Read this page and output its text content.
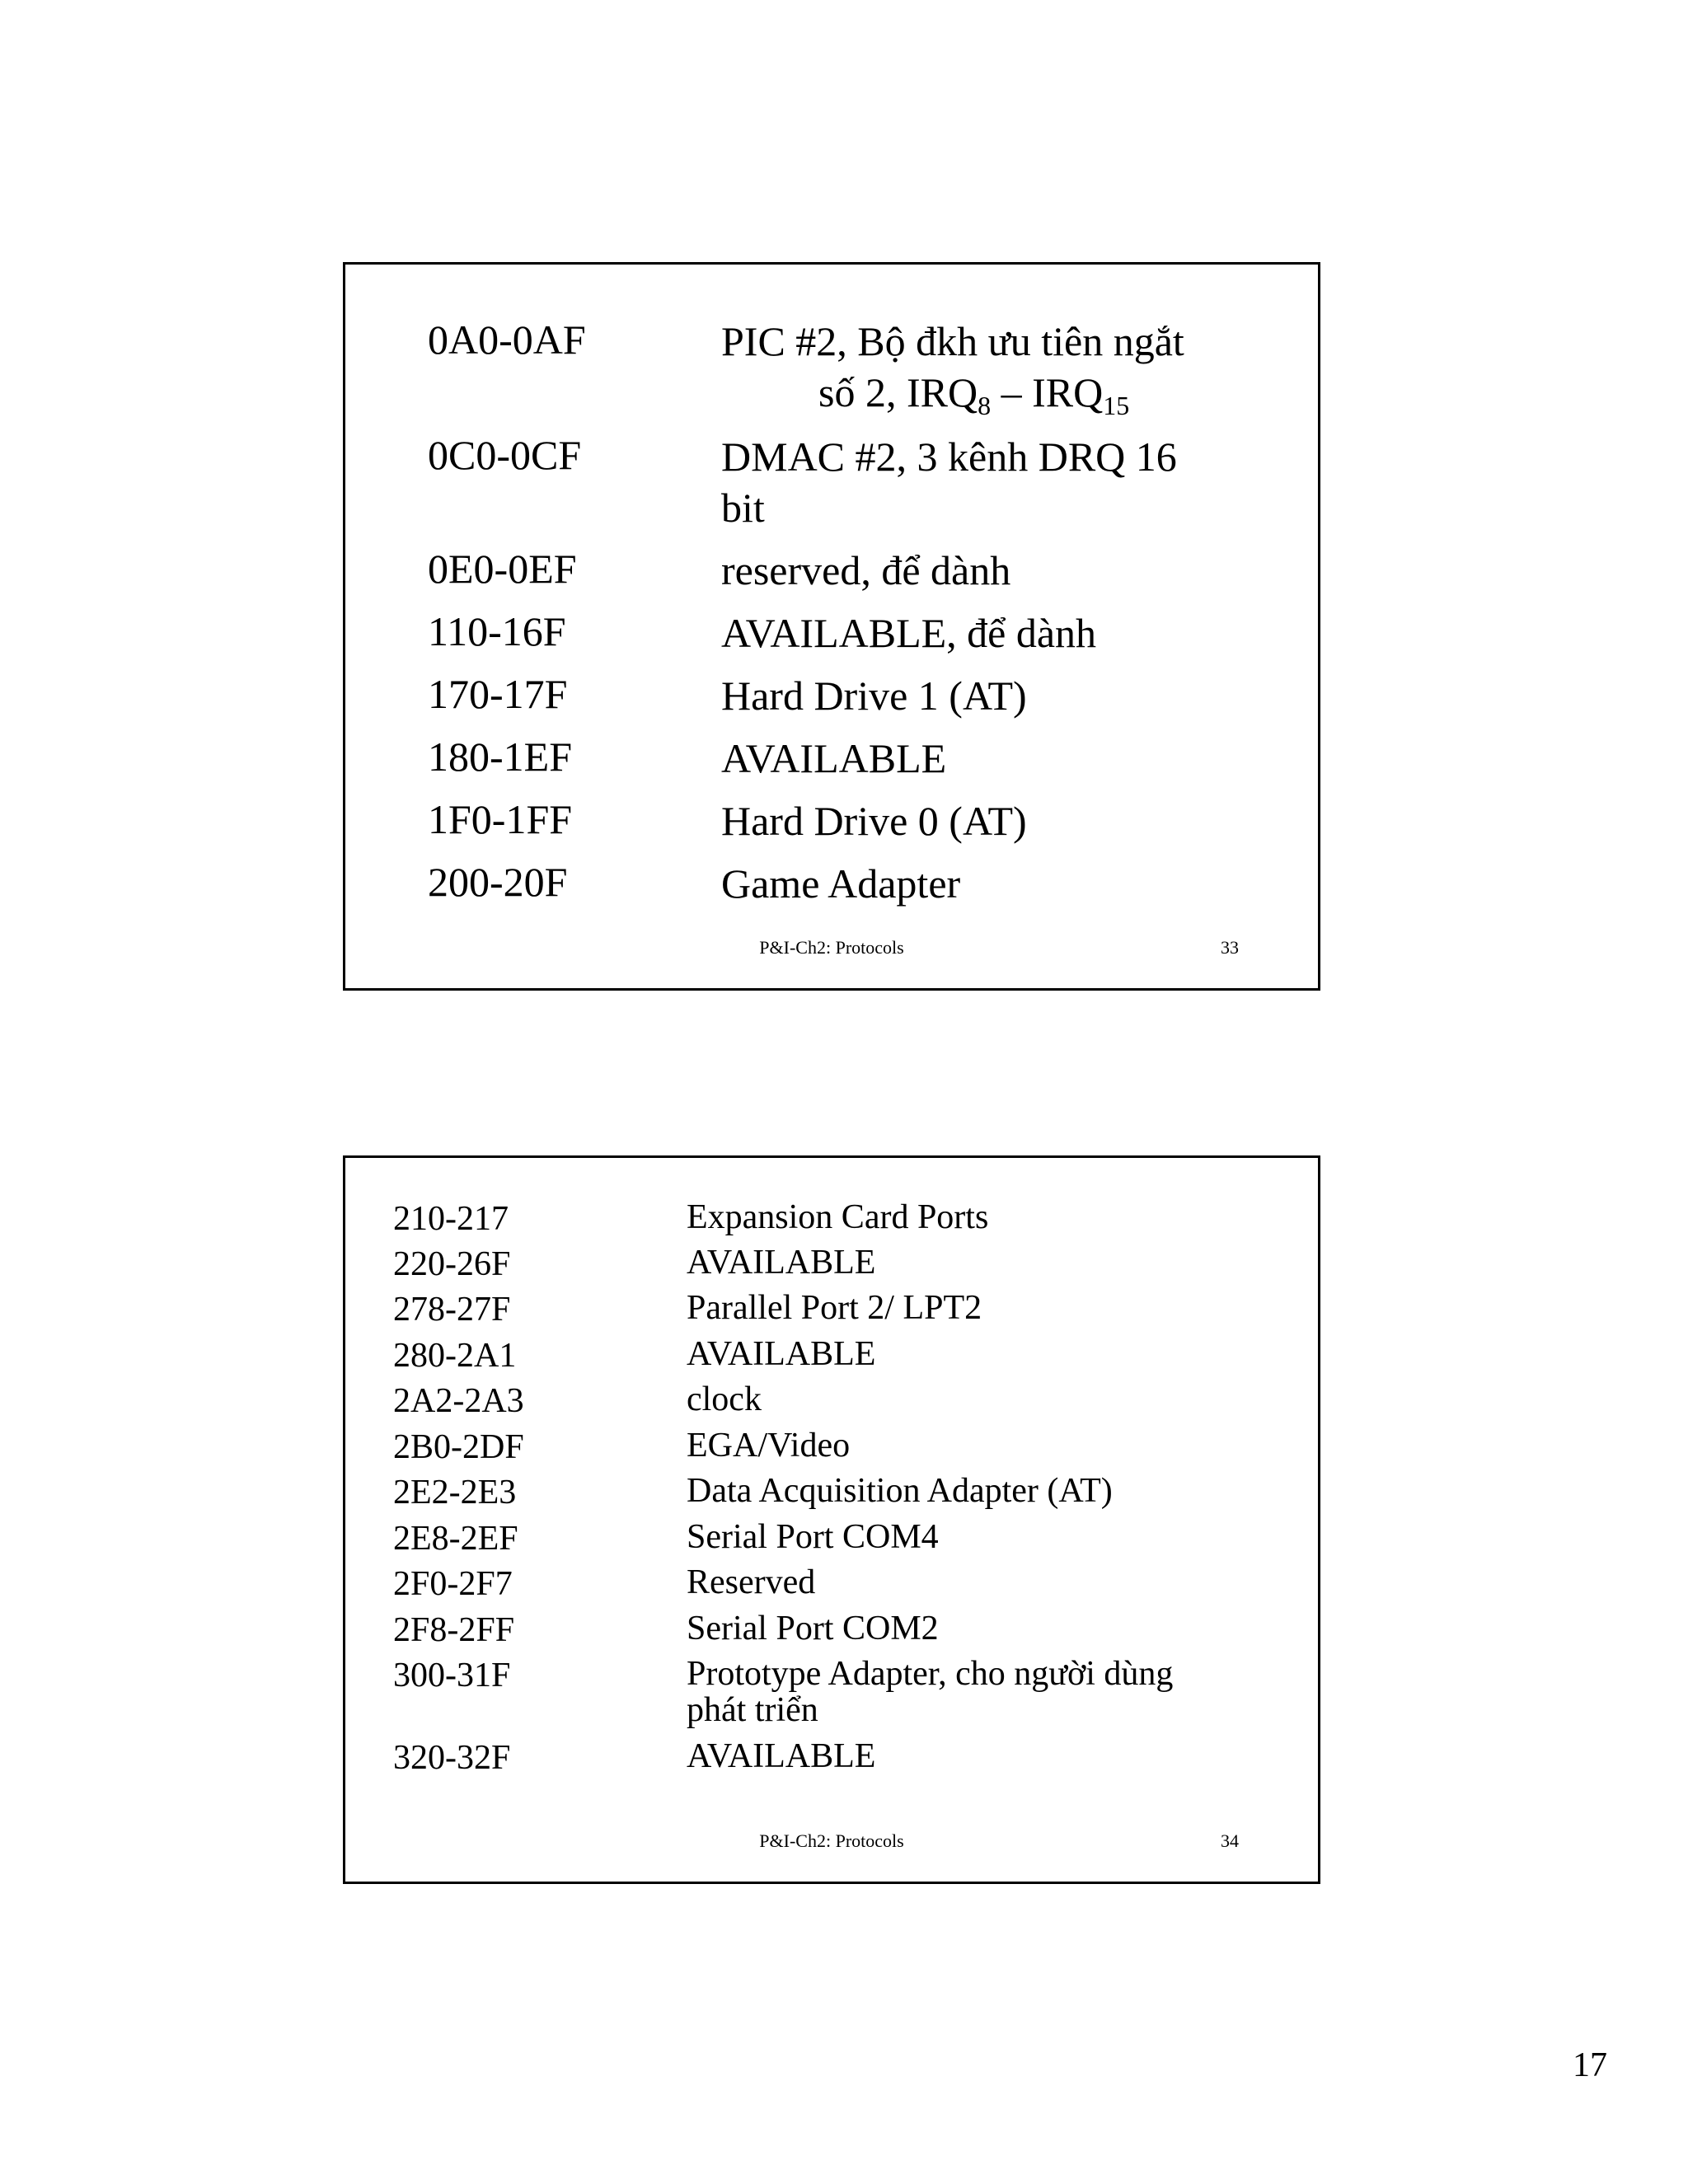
0A0-0AF	PIC #2, Bộ đkh ưu tiên ngắt
số 2, $IRQ_8 - IRQ_{15}$
0C0-0CF	DMAC #2, 3 kênh DRQ 16
bit
0E0-0EF	reserved, để dành
110-16F	AVAILABLE, để dành
170-17F	Hard Drive 1 (AT)
180-1EF	AVAILABLE
1F0-1FF	Hard Drive 0 (AT)
200-20F	Game Adapter
P&I-Ch2: Protocols	33
210-217	Expansion Card Ports
220-26F	AVAILABLE
278-27F	Parallel Port 2/ LPT2
280-2A1	AVAILABLE
2A2-2A3	clock
2B0-2DF	EGA/Video
2E2-2E3	Data Acquisition Adapter (AT)
2E8-2EF	Serial Port COM4
2F0-2F7	Reserved
2F8-2FF	Serial Port COM2
300-31F	Prototype Adapter, cho người dùng
phát triển
320-32F	AVAILABLE
P&I-Ch2: Protocols	34
17
